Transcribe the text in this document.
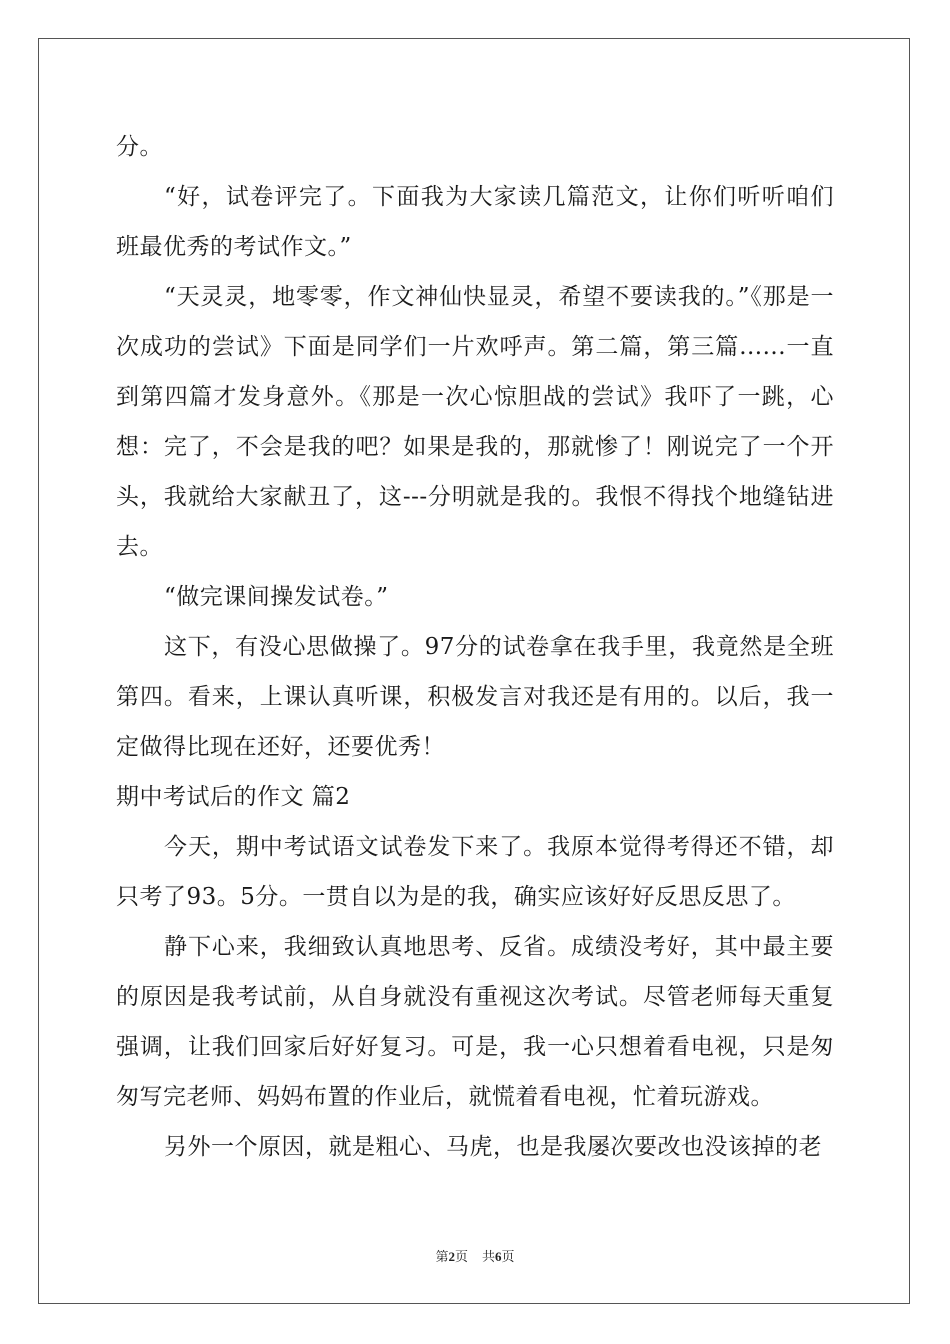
分。

“好，试卷评完了。下面我为大家读几篇范文，让你们听听咱们班最优秀的考试作文。”

“天灵灵，地零零，作文神仙快显灵，希望不要读我的。”《那是一次成功的尝试》下面是同学们一片欢呼声。第二篇，第三篇......一直到第四篇才发身意外。《那是一次心惊胆战的尝试》我吓了一跳，心想：完了，不会是我的吧？如果是我的，那就惨了！刚说完了一个开头，我就给大家献丑了，这---分明就是我的。我恨不得找个地缝钻进去。

“做完课间操发试卷。”

这下，有没心思做操了。97分的试卷拿在我手里，我竟然是全班第四。看来，上课认真听课，积极发言对我还是有用的。以后，我一定做得比现在还好，还要优秀！

期中考试后的作文 篇2

今天，期中考试语文试卷发下来了。我原本觉得考得还不错，却只考了93。5分。一贯自以为是的我，确实应该好好反思反思了。

静下心来，我细致认真地思考、反省。成绩没考好，其中最主要的原因是我考试前，从自身就没有重视这次考试。尽管老师每天重复强调，让我们回家后好好复习。可是，我一心只想着看电视，只是匆匆写完老师、妈妈布置的作业后，就慌着看电视，忙着玩游戏。

另外一个原因，就是粗心、马虎，也是我屡次要改也没该掉的老

第2页 共6页
